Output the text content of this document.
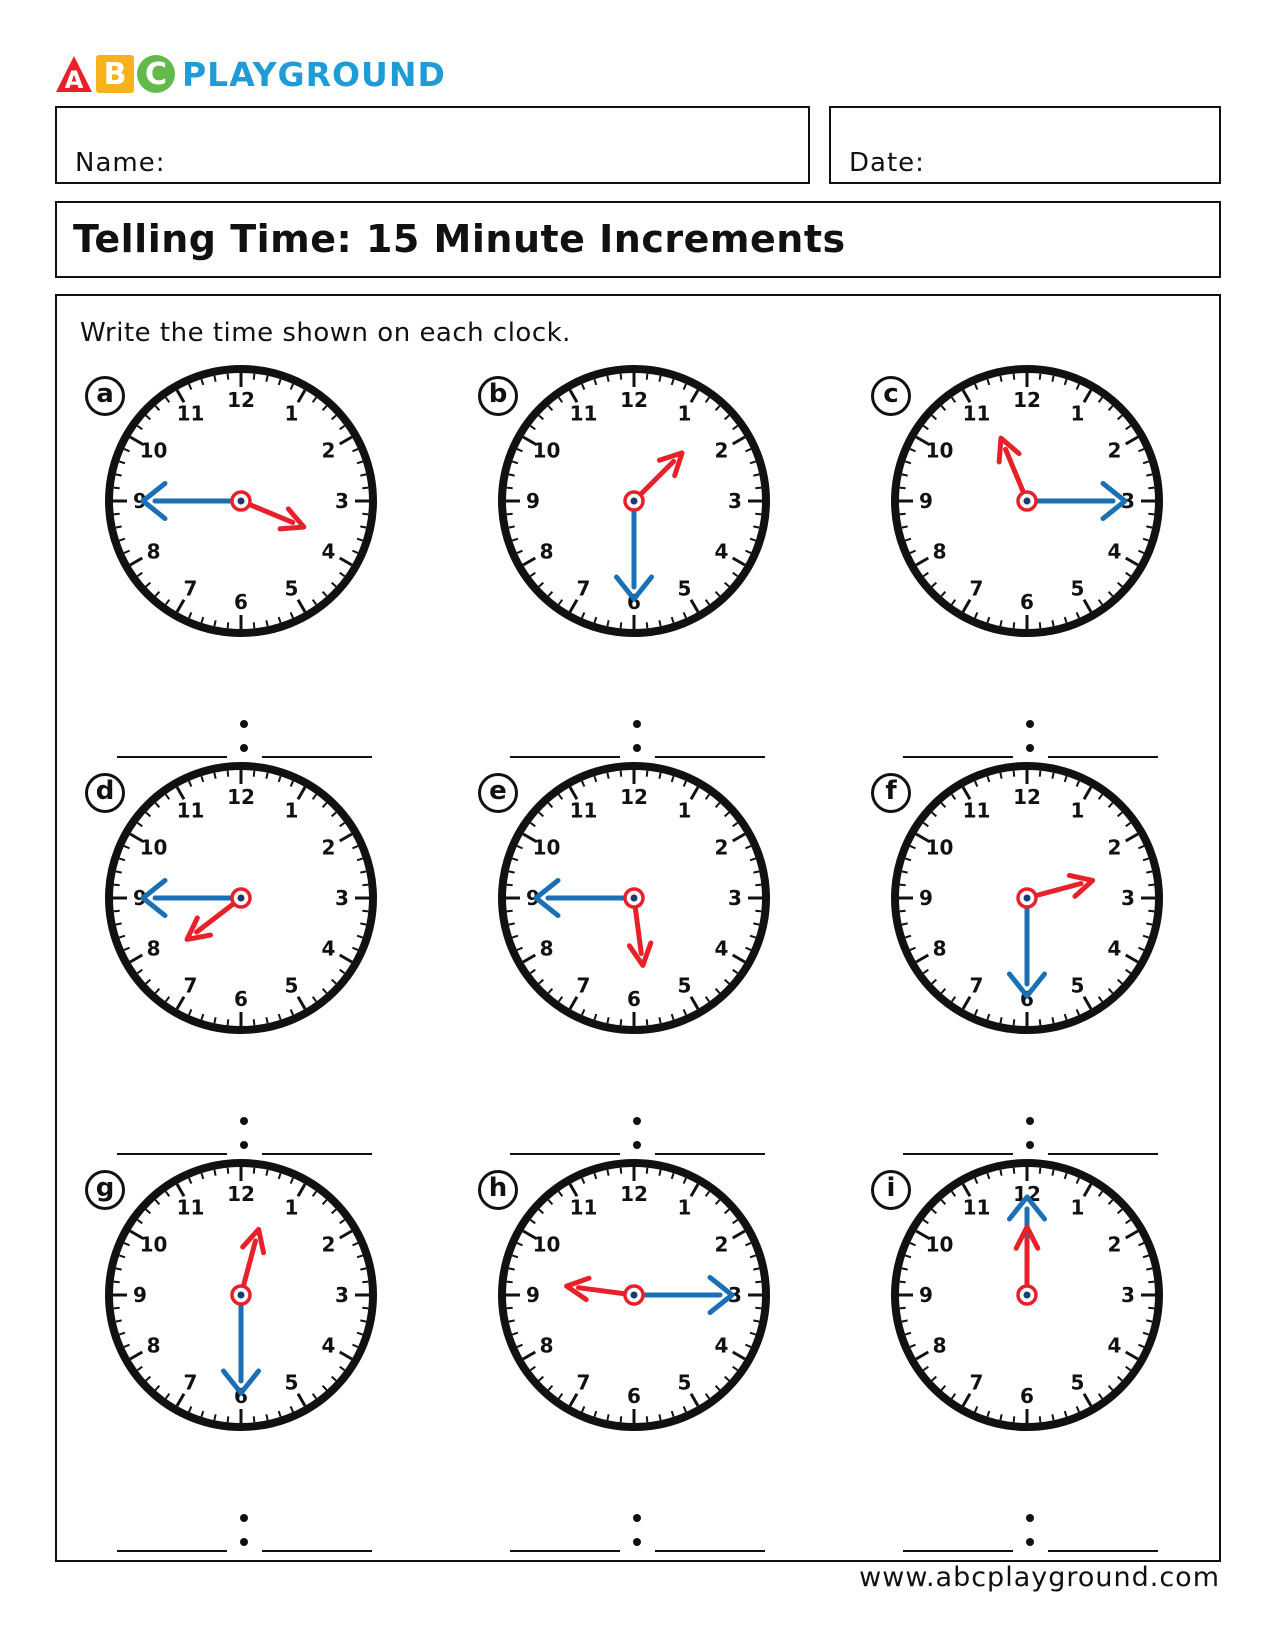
A B C PLAYGROUND
Name:	Date:
Telling Time: 15 Minute Increments
Write the time shown on each clock.
12
1
2
3
4
5
6
7
8
9
10
11
a	12
1
2
3
4
5
6
7
8
9
10
11
b	12
1
2
3
4
5
6
7
8
9
10
11
c
12
1
2
3
4
5
6
7
8
9
10
11
d	12
1
2
3
4
5
6
7
8
9
10
11
e	12
1
2
3
4
5
6
7
8
9
10
11
f
12
1
2
3
4
5
6
7
8
9
10
11
g	12
1
2
3
4
5
6
7
8
9
10
11
h	12
1
2
3
4
5
6
7
8
9
10
11
i
www.abcplayground.com
